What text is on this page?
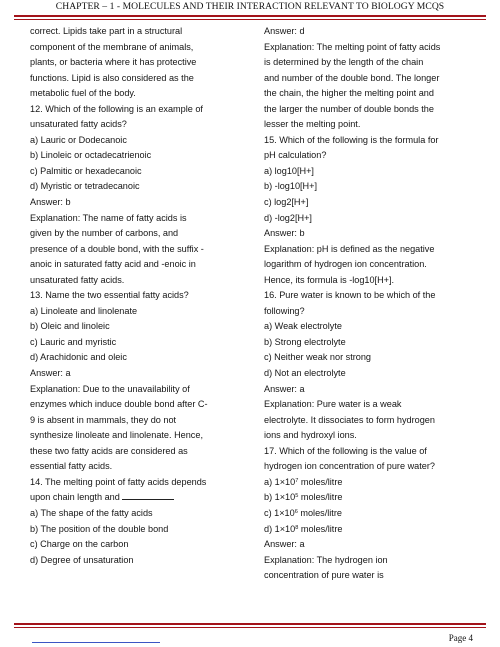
CHAPTER – 1 - MOLECULES AND THEIR INTERACTION RELEVANT TO BIOLOGY MCQS
correct. Lipids take part in a structural
component of the membrane of animals,
plants, or bacteria where it has protective
functions. Lipid is also considered as the
metabolic fuel of the body.
12. Which of the following is an example of
unsaturated fatty acids?
a) Lauric or Dodecanoic
b) Linoleic or octadecatrienoic
c) Palmitic or hexadecanoic
d) Myristic or tetradecanoic
Answer: b
Explanation: The name of fatty acids is
given by the number of carbons, and
presence of a double bond, with the suffix -
anoic in saturated fatty acid and -enoic in
unsaturated fatty acids.
13. Name the two essential fatty acids?
a) Linoleate and linolenate
b) Oleic and linoleic
c) Lauric and myristic
d) Arachidonic and oleic
Answer: a
Explanation: Due to the unavailability of
enzymes which induce double bond after C-
9 is absent in mammals, they do not
synthesize linoleate and linolenate. Hence,
these two fatty acids are considered as
essential fatty acids.
14. The melting point of fatty acids depends
upon chain length and
a) The shape of the fatty acids
b) The position of the double bond
c) Charge on the carbon
d) Degree of unsaturation
Answer: d
Explanation: The melting point of fatty acids
is determined by the length of the chain
and number of the double bond. The longer
the chain, the higher the melting point and
the larger the number of double bonds the
lesser the melting point.
15. Which of the following is the formula for
pH calculation?
a) log10[H+]
b) -log10[H+]
c) log2[H+]
d) -log2[H+]
Answer: b
Explanation: pH is defined as the negative
logarithm of hydrogen ion concentration.
Hence, its formula is -log10[H+].
16. Pure water is known to be which of the
following?
a) Weak electrolyte
b) Strong electrolyte
c) Neither weak nor strong
d) Not an electrolyte
Answer: a
Explanation: Pure water is a weak
electrolyte. It dissociates to form hydrogen
ions and hydroxyl ions.
17. Which of the following is the value of
hydrogen ion concentration of pure water?
a) $1\times 10^7$ moles/litre
b) $1\times 10^5$ moles/litre
c) $1\times 10^6$ moles/litre
d) $1\times 10^8$ moles/litre
Answer: a
Explanation: The hydrogen ion
concentration of pure water is
Page 4
